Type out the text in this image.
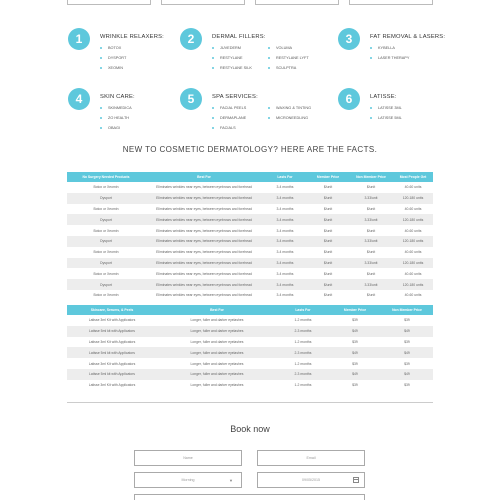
1	WRINKLE RELAXERS:
BOTOX
DYSPORT
XEOMIN
2	DERMAL FILLERS:
JUVEDERM
RESTYLANE
RESTYLANE SILK
VOLUMA
RESTYLANE LYFT
SCULPTRA
3	FAT REMOVAL & LASERS:
KYBELLA
LASER THERAPY
4	SKIN CARE:
SKINMEDICA
ZO HEALTH
OBAGI
5	SPA SERVICES:
FACIAL PEELS
DERMAPLANE
FACIALS
WAXING & TINTING
MICRONEEDLING
6	LATISSE:
LATISSE 3ML
LATISSE 5ML
NEW TO COSMETIC DERMATOLOGY? HERE ARE THE FACTS.
No Surgery Needed Products	Best For	Lasts For	Member Price	Non Member Price	Most People Get
Botox or Xeomin	Eliminates wrinkles near eyes, between eyebrows and forehead	3-4 months	$/unit	$/unit	40-60 units
Dysport	Eliminates wrinkles near eyes, between eyebrows and forehead	3-4 months	$/unit	3.33/unit	120-180 units
Botox or Xeomin	Eliminates wrinkles near eyes, between eyebrows and forehead	3-4 months	$/unit	$/unit	40-60 units
Dysport	Eliminates wrinkles near eyes, between eyebrows and forehead	3-4 months	$/unit	3.33/unit	120-180 units
Botox or Xeomin	Eliminates wrinkles near eyes, between eyebrows and forehead	3-4 months	$/unit	$/unit	40-60 units
Dysport	Eliminates wrinkles near eyes, between eyebrows and forehead	3-4 months	$/unit	3.33/unit	120-180 units
Botox or Xeomin	Eliminates wrinkles near eyes, between eyebrows and forehead	3-4 months	$/unit	$/unit	40-60 units
Dysport	Eliminates wrinkles near eyes, between eyebrows and forehead	3-4 months	$/unit	3.33/unit	120-180 units
Botox or Xeomin	Eliminates wrinkles near eyes, between eyebrows and forehead	3-4 months	$/unit	$/unit	40-60 units
Dysport	Eliminates wrinkles near eyes, between eyebrows and forehead	3-4 months	$/unit	3.33/unit	120-180 units
Botox or Xeomin	Eliminates wrinkles near eyes, between eyebrows and forehead	3-4 months	$/unit	$/unit	40-60 units
Skincare, Serums, & Peels	Best For	Lasts For	Member Price	Non Member Price
Latisse 3ml Kit with Applicators	Longer, fuller and darker eyelashes	1-2 months	$39	$39
Latisse 5ml kit with Applicators	Longer, fuller and darker eyelashes	2-3 months	$49	$49
Latisse 3ml Kit with Applicators	Longer, fuller and darker eyelashes	1-2 months	$39	$39
Latisse 5ml kit with Applicators	Longer, fuller and darker eyelashes	2-3 months	$49	$49
Latisse 3ml Kit with Applicators	Longer, fuller and darker eyelashes	1-2 months	$39	$39
Latisse 5ml kit with Applicators	Longer, fuller and darker eyelashes	2-3 months	$49	$49
Latisse 3ml Kit with Applicators	Longer, fuller and darker eyelashes	1-2 months	$39	$39
Book now
Name	Email
Morning	▼	09/05/2015
